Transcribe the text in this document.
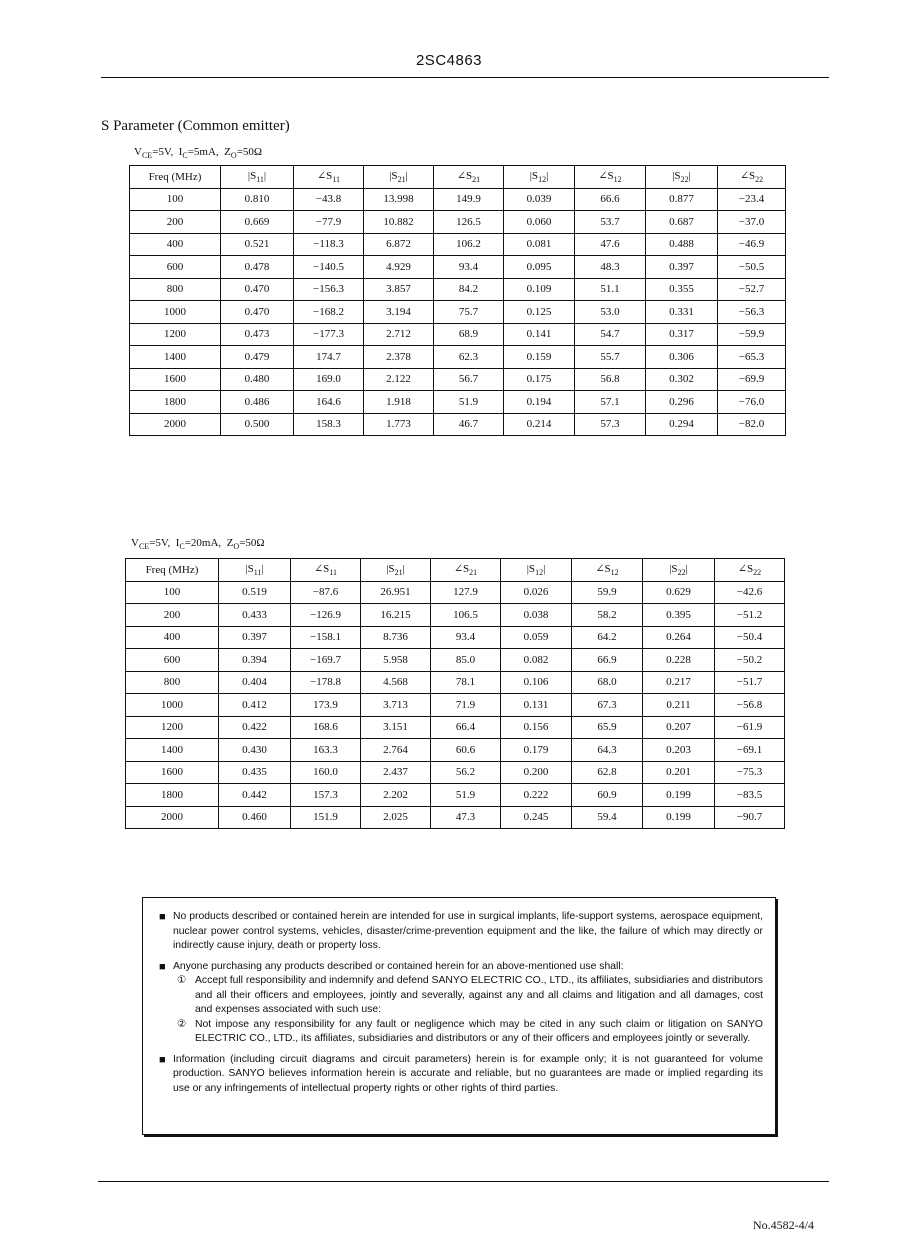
2SC4863
S Parameter (Common emitter)
$V_{CE}=5V$,  $I_C=5mA$,  $Z_O=50\Omega$
Freq (MHz)	$|S_{11}|$	$\angle S_{11}$	$|S_{21}|$	$\angle S_{21}$	$|S_{12}|$	$\angle S_{12}$	$|S_{22}|$	$\angle S_{22}$
100	0.810	−43.8	13.998	149.9	0.039	66.6	0.877	−23.4
200	0.669	−77.9	10.882	126.5	0.060	53.7	0.687	−37.0
400	0.521	−118.3	6.872	106.2	0.081	47.6	0.488	−46.9
600	0.478	−140.5	4.929	93.4	0.095	48.3	0.397	−50.5
800	0.470	−156.3	3.857	84.2	0.109	51.1	0.355	−52.7
1000	0.470	−168.2	3.194	75.7	0.125	53.0	0.331	−56.3
1200	0.473	−177.3	2.712	68.9	0.141	54.7	0.317	−59.9
1400	0.479	174.7	2.378	62.3	0.159	55.7	0.306	−65.3
1600	0.480	169.0	2.122	56.7	0.175	56.8	0.302	−69.9
1800	0.486	164.6	1.918	51.9	0.194	57.1	0.296	−76.0
2000	0.500	158.3	1.773	46.7	0.214	57.3	0.294	−82.0
$V_{CE}=5V$,  $I_C=20mA$,  $Z_O=50\Omega$
Freq (MHz)	$|S_{11}|$	$\angle S_{11}$	$|S_{21}|$	$\angle S_{21}$	$|S_{12}|$	$\angle S_{12}$	$|S_{22}|$	$\angle S_{22}$
100	0.519	−87.6	26.951	127.9	0.026	59.9	0.629	−42.6
200	0.433	−126.9	16.215	106.5	0.038	58.2	0.395	−51.2
400	0.397	−158.1	8.736	93.4	0.059	64.2	0.264	−50.4
600	0.394	−169.7	5.958	85.0	0.082	66.9	0.228	−50.2
800	0.404	−178.8	4.568	78.1	0.106	68.0	0.217	−51.7
1000	0.412	173.9	3.713	71.9	0.131	67.3	0.211	−56.8
1200	0.422	168.6	3.151	66.4	0.156	65.9	0.207	−61.9
1400	0.430	163.3	2.764	60.6	0.179	64.3	0.203	−69.1
1600	0.435	160.0	2.437	56.2	0.200	62.8	0.201	−75.3
1800	0.442	157.3	2.202	51.9	0.222	60.9	0.199	−83.5
2000	0.460	151.9	2.025	47.3	0.245	59.4	0.199	−90.7
■ No products described or contained herein are intended for use in surgical implants, life-support systems, aerospace equipment, nuclear power control systems, vehicles, disaster/crime-prevention equipment and the like, the failure of which may directly or indirectly cause injury, death or property loss.
■ Anyone purchasing any products described or contained herein for an above-mentioned use shall:
① Accept full responsibility and indemnify and defend SANYO ELECTRIC CO., LTD., its affiliates, subsidiaries and distributors and all their officers and employees, jointly and severally, against any and all claims and litigation and all damages, cost and expenses associated with such use:
② Not impose any responsibility for any fault or negligence which may be cited in any such claim or litigation on SANYO ELECTRIC CO., LTD., its affiliates, subsidiaries and distributors or any of their officers and employees jointly or severally.
■ Information (including circuit diagrams and circuit parameters) herein is for example only; it is not guaranteed for volume production. SANYO believes information herein is accurate and reliable, but no guarantees are made or implied regarding its use or any infringements of intellectual property rights or other rights of third parties.
No.4582-4/4
